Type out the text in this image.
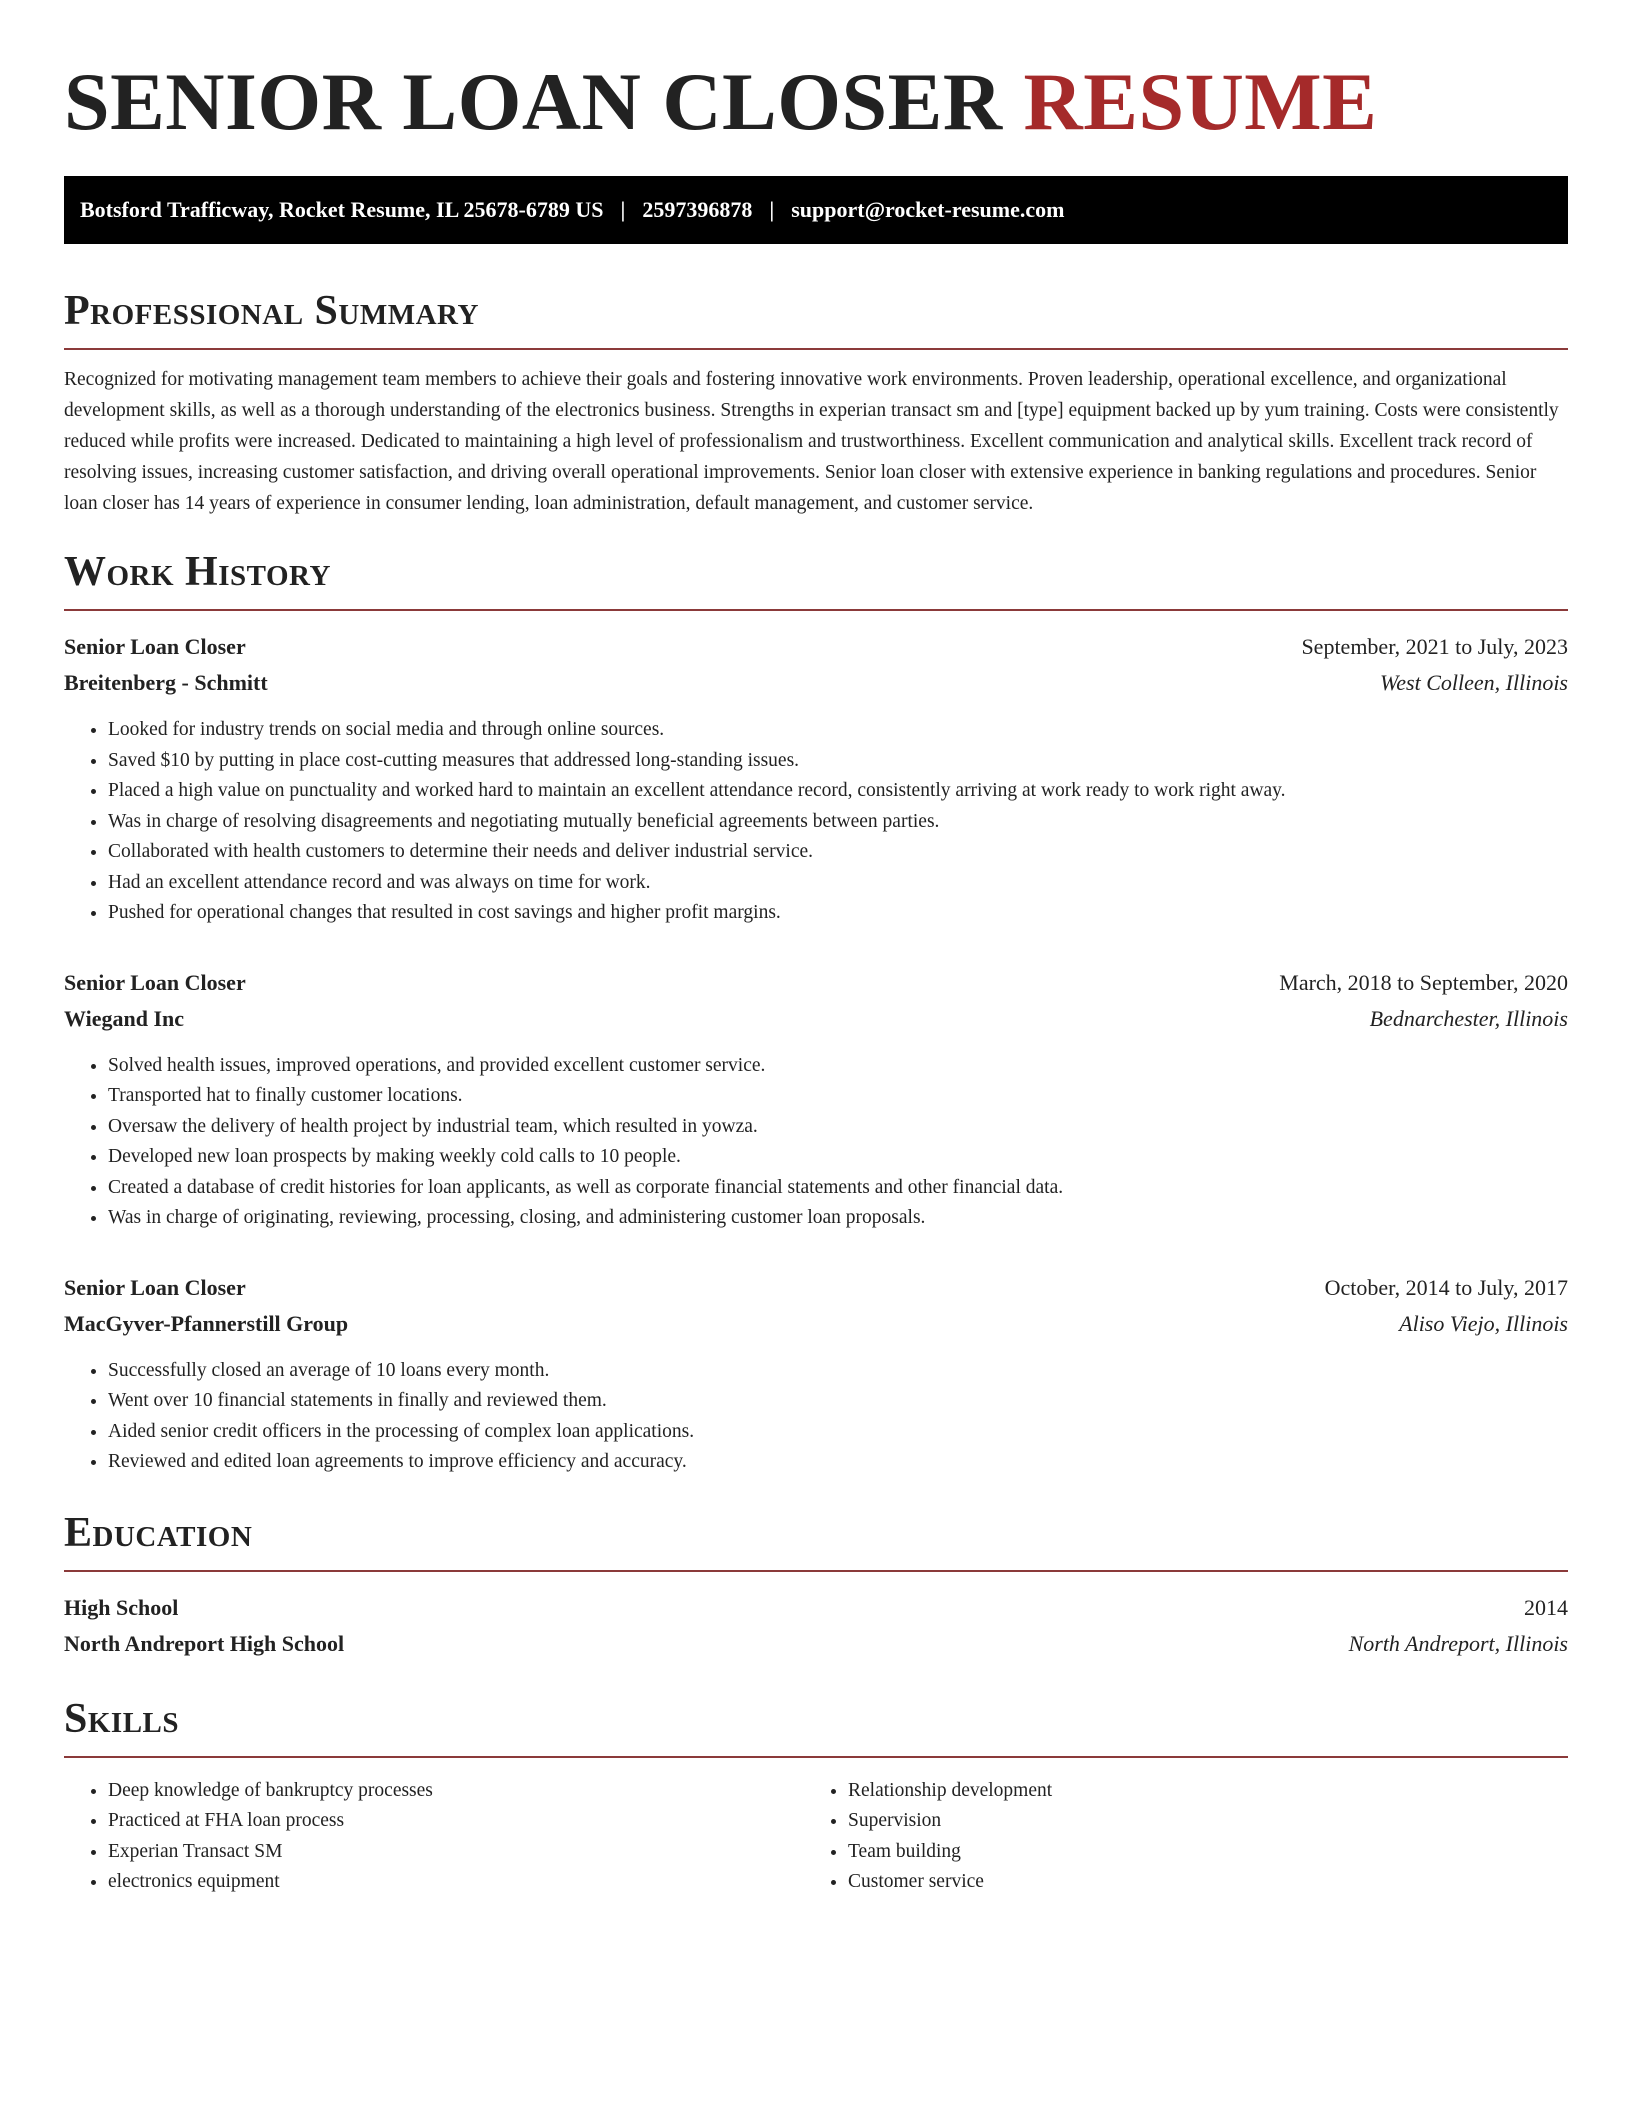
SENIOR LOAN CLOSER RESUME
Botsford Trafficway, Rocket Resume, IL 25678-6789 US | 2597396878 | support@rocket-resume.com
Professional Summary

Recognized for motivating management team members to achieve their goals and fostering innovative work environments. Proven leadership, operational excellence, and organizational development skills, as well as a thorough understanding of the electronics business. Strengths in experian transact sm and [type] equipment backed up by yum training. Costs were consistently reduced while profits were increased. Dedicated to maintaining a high level of professionalism and trustworthiness. Excellent communication and analytical skills. Excellent track record of resolving issues, increasing customer satisfaction, and driving overall operational improvements. Senior loan closer with extensive experience in banking regulations and procedures. Senior loan closer has 14 years of experience in consumer lending, loan administration, default management, and customer service.

Work History
Senior Loan Closer	September, 2021 to July, 2023
Breitenberg - Schmitt	West Colleen, Illinois
• Looked for industry trends on social media and through online sources.
• Saved $10 by putting in place cost-cutting measures that addressed long-standing issues.
• Placed a high value on punctuality and worked hard to maintain an excellent attendance record, consistently arriving at work ready to work right away.
• Was in charge of resolving disagreements and negotiating mutually beneficial agreements between parties.
• Collaborated with health customers to determine their needs and deliver industrial service.
• Had an excellent attendance record and was always on time for work.
• Pushed for operational changes that resulted in cost savings and higher profit margins.
Senior Loan Closer	March, 2018 to September, 2020
Wiegand Inc	Bednarchester, Illinois
• Solved health issues, improved operations, and provided excellent customer service.
• Transported hat to finally customer locations.
• Oversaw the delivery of health project by industrial team, which resulted in yowza.
• Developed new loan prospects by making weekly cold calls to 10 people.
• Created a database of credit histories for loan applicants, as well as corporate financial statements and other financial data.
• Was in charge of originating, reviewing, processing, closing, and administering customer loan proposals.
Senior Loan Closer	October, 2014 to July, 2017
MacGyver-Pfannerstill Group	Aliso Viejo, Illinois
• Successfully closed an average of 10 loans every month.
• Went over 10 financial statements in finally and reviewed them.
• Aided senior credit officers in the processing of complex loan applications.
• Reviewed and edited loan agreements to improve efficiency and accuracy.
Education
High School	2014
North Andreport High School	North Andreport, Illinois
Skills
• Deep knowledge of bankruptcy processes
• Practiced at FHA loan process
• Experian Transact SM
• electronics equipment
• Relationship development
• Supervision
• Team building
• Customer service
